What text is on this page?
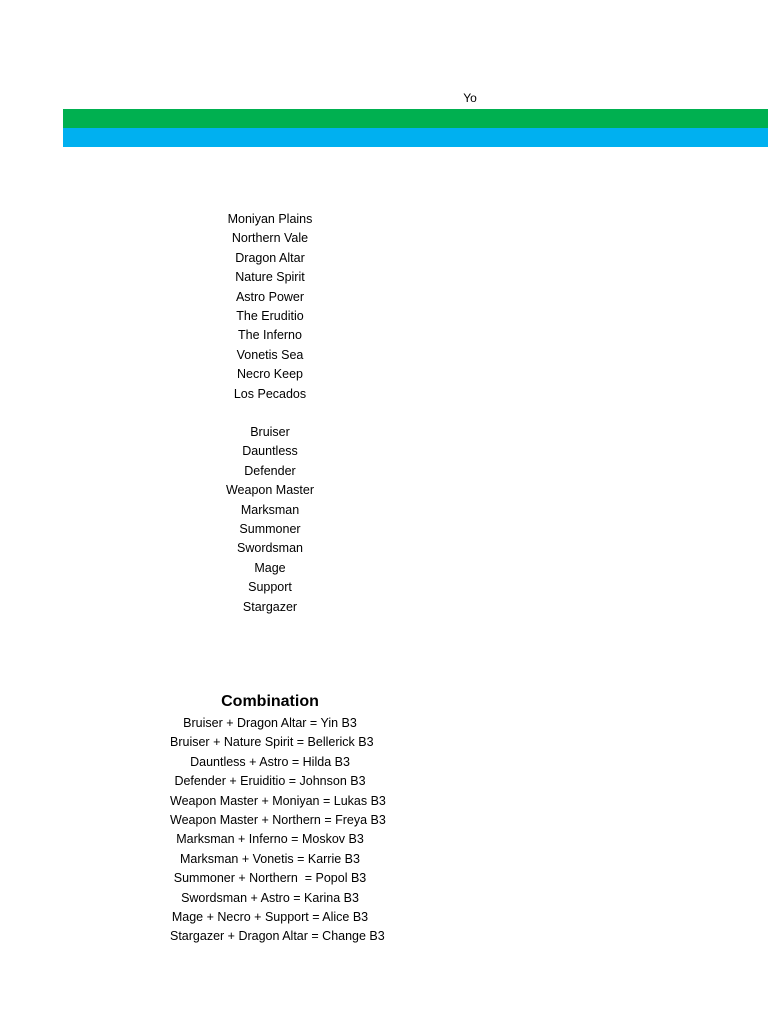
Yo
Moniyan Plains
Northern Vale
Dragon Altar
Nature Spirit
Astro Power
The Eruditio
The Inferno
Vonetis Sea
Necro Keep
Los Pecados
Bruiser
Dauntless
Defender
Weapon Master
Marksman
Summoner
Swordsman
Mage
Support
Stargazer
Combination
Bruiser + Dragon Altar = Yin B3
Bruiser + Nature Spirit = Bellerick B3
Dauntless + Astro = Hilda B3
Defender + Eruiditio = Johnson B3
Weapon Master + Moniyan = Lukas B3
Weapon Master + Northern = Freya B3
Marksman + Inferno = Moskov B3
Marksman + Vonetis = Karrie B3
Summoner + Northern  = Popol B3
Swordsman + Astro = Karina B3
Mage + Necro + Support = Alice B3
Stargazer + Dragon Altar = Change B3
